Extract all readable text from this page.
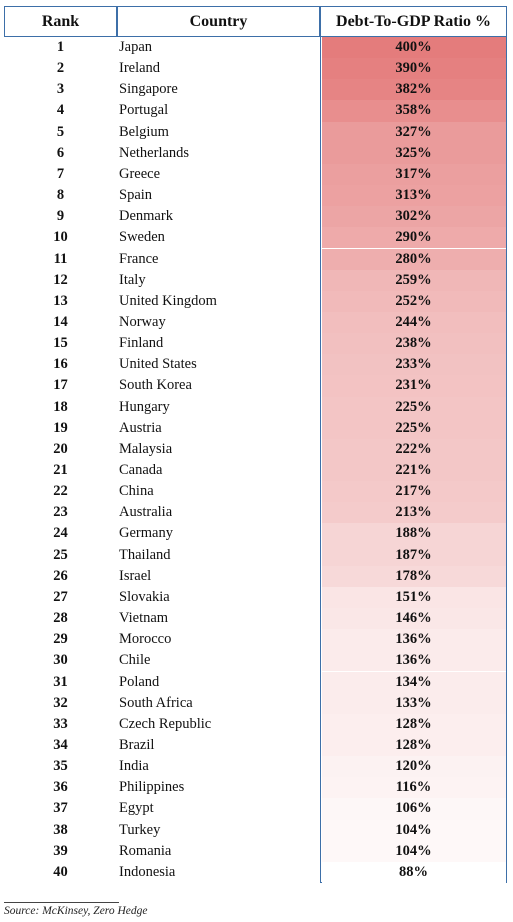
Rank	Country	Debt-To-GDP Ratio %
1	Japan	400%
2	Ireland	390%
3	Singapore	382%
4	Portugal	358%
5	Belgium	327%
6	Netherlands	325%
7	Greece	317%
8	Spain	313%
9	Denmark	302%
10	Sweden	290%
11	France	280%
12	Italy	259%
13	United Kingdom	252%
14	Norway	244%
15	Finland	238%
16	United States	233%
17	South Korea	231%
18	Hungary	225%
19	Austria	225%
20	Malaysia	222%
21	Canada	221%
22	China	217%
23	Australia	213%
24	Germany	188%
25	Thailand	187%
26	Israel	178%
27	Slovakia	151%
28	Vietnam	146%
29	Morocco	136%
30	Chile	136%
31	Poland	134%
32	South Africa	133%
33	Czech Republic	128%
34	Brazil	128%
35	India	120%
36	Philippines	116%
37	Egypt	106%
38	Turkey	104%
39	Romania	104%
40	Indonesia	88%
Source: McKinsey, Zero Hedge
